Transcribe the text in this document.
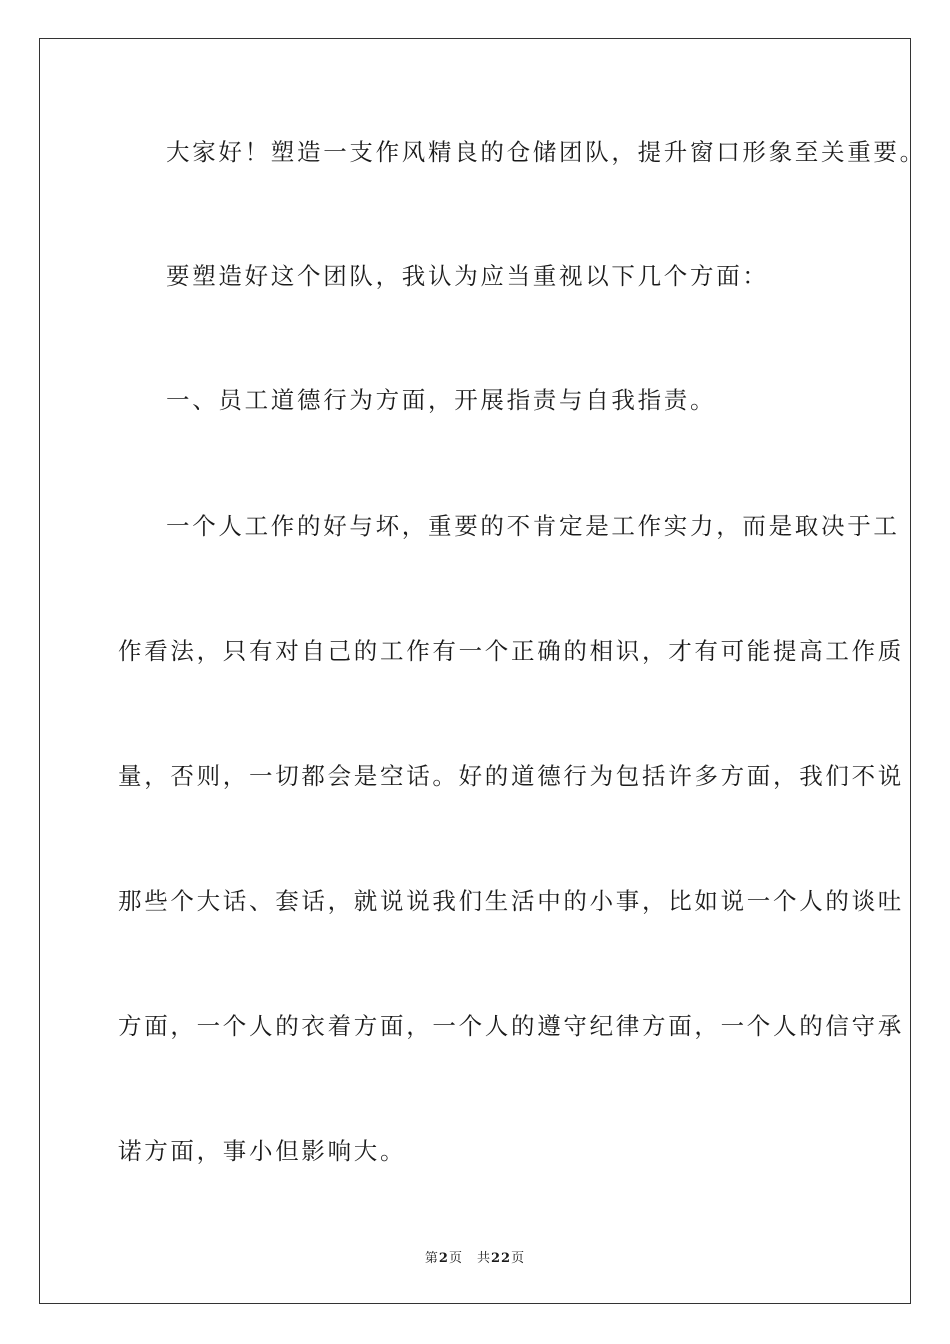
大家好！塑造一支作风精良的仓储团队，提升窗口形象至关重要。
要塑造好这个团队，我认为应当重视以下几个方面：
一、员工道德行为方面，开展指责与自我指责。
一个人工作的好与坏，重要的不肯定是工作实力，而是取决于工
作看法，只有对自己的工作有一个正确的相识，才有可能提高工作质
量，否则，一切都会是空话。好的道德行为包括许多方面，我们不说
那些个大话、套话，就说说我们生活中的小事，比如说一个人的谈吐
方面，一个人的衣着方面，一个人的遵守纪律方面，一个人的信守承
诺方面，事小但影响大。
第2页 共22页
